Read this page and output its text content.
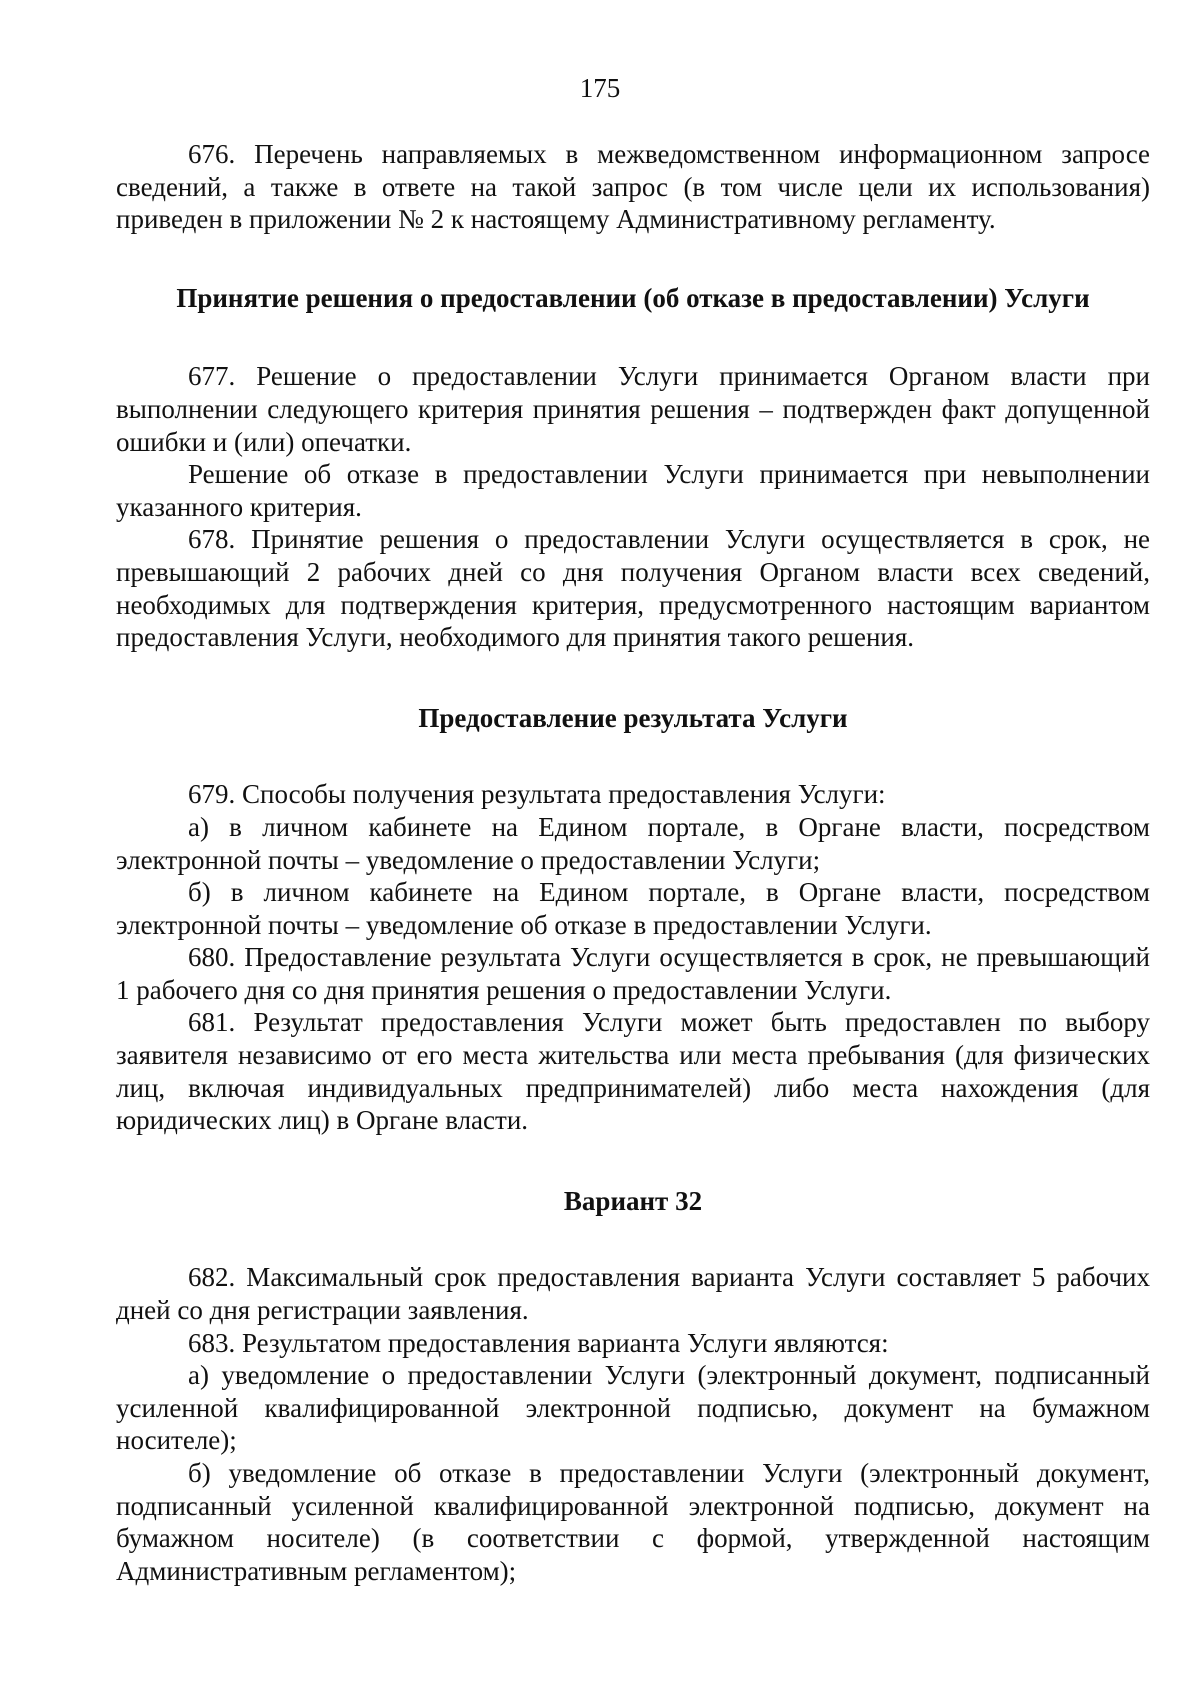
175

676. Перечень направляемых в межведомственном информационном запросе сведений, а также в ответе на такой запрос (в том числе цели их использования) приведен в приложении № 2 к настоящему Административному регламенту.

Принятие решения о предоставлении (об отказе в предоставлении) Услуги

677. Решение о предоставлении Услуги принимается Органом власти при выполнении следующего критерия принятия решения – подтвержден факт допущенной ошибки и (или) опечатки.

Решение об отказе в предоставлении Услуги принимается при невыполнении указанного критерия.

678. Принятие решения о предоставлении Услуги осуществляется в срок, не превышающий 2 рабочих дней со дня получения Органом власти всех сведений, необходимых для подтверждения критерия, предусмотренного настоящим вариантом предоставления Услуги, необходимого для принятия такого решения.

Предоставление результата Услуги

679. Способы получения результата предоставления Услуги:

а) в личном кабинете на Едином портале, в Органе власти, посредством электронной почты – уведомление о предоставлении Услуги;

б) в личном кабинете на Едином портале, в Органе власти, посредством электронной почты – уведомление об отказе в предоставлении Услуги.

680. Предоставление результата Услуги осуществляется в срок, не превышающий 1 рабочего дня со дня принятия решения о предоставлении Услуги.

681. Результат предоставления Услуги может быть предоставлен по выбору заявителя независимо от его места жительства или места пребывания (для физических лиц, включая индивидуальных предпринимателей) либо места нахождения (для юридических лиц) в Органе власти.

Вариант 32

682. Максимальный срок предоставления варианта Услуги составляет 5 рабочих дней со дня регистрации заявления.

683. Результатом предоставления варианта Услуги являются:

а) уведомление о предоставлении Услуги (электронный документ, подписанный усиленной квалифицированной электронной подписью, документ на бумажном носителе);

б) уведомление об отказе в предоставлении Услуги (электронный документ, подписанный усиленной квалифицированной электронной подписью, документ на бумажном носителе) (в соответствии с формой, утвержденной настоящим Административным регламентом);
